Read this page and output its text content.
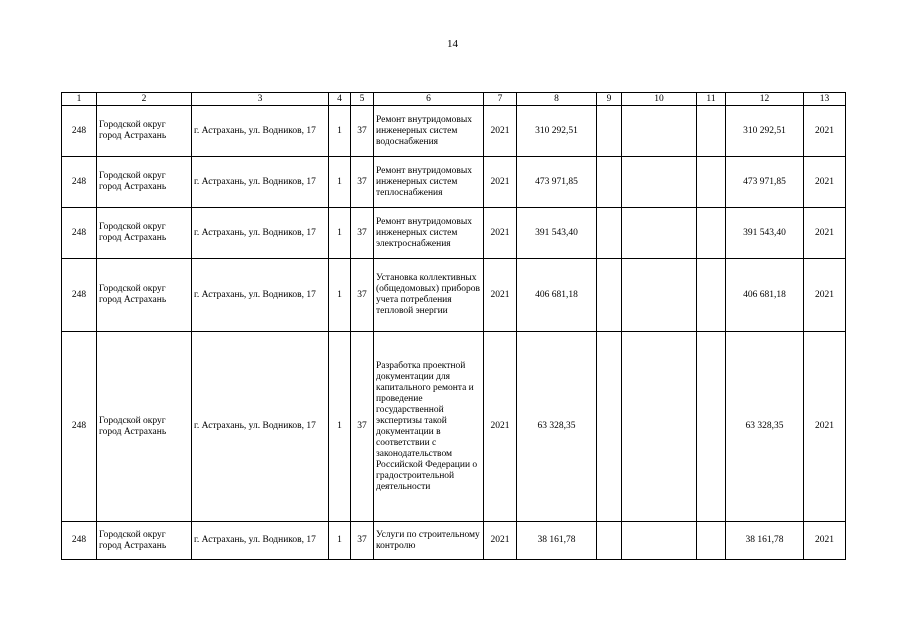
14
1	2	3	4	5	6	7	8	9	10	11	12	13
248	Городской округ город Астрахань	г. Астрахань, ул. Водников, 17	1	37	Ремонт внутридомовых инженерных систем водоснабжения	2021	310 292,51				310 292,51	2021
248	Городской округ город Астрахань	г. Астрахань, ул. Водников, 17	1	37	Ремонт внутридомовых инженерных систем теплоснабжения	2021	473 971,85				473 971,85	2021
248	Городской округ город Астрахань	г. Астрахань, ул. Водников, 17	1	37	Ремонт внутридомовых инженерных систем электроснабжения	2021	391 543,40				391 543,40	2021
248	Городской округ город Астрахань	г. Астрахань, ул. Водников, 17	1	37	Установка коллективных (общедомовых) приборов учета потребления тепловой энергии	2021	406 681,18				406 681,18	2021
248	Городской округ город Астрахань	г. Астрахань, ул. Водников, 17	1	37	Разработка проектной документации для капитального ремонта и проведение государственной экспертизы такой документации в соответствии с законодательством Российской Федерации о градостроительной деятельности	2021	63 328,35				63 328,35	2021
248	Городской округ город Астрахань	г. Астрахань, ул. Водников, 17	1	37	Услуги по строительному контролю	2021	38 161,78				38 161,78	2021
